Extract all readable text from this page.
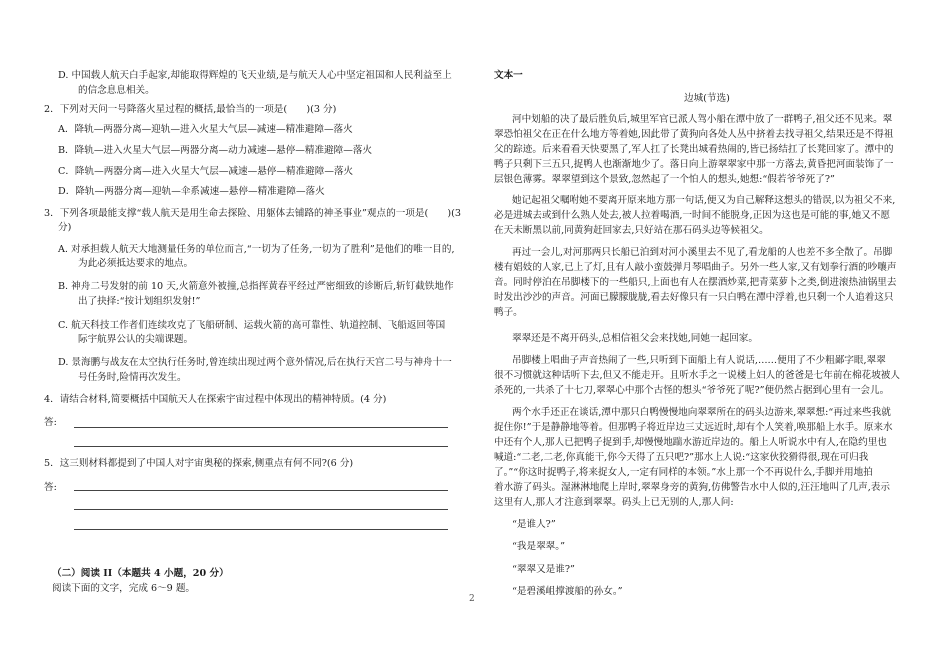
D. 中国载人航天白手起家,却能取得辉煌的飞天业绩,是与航天人心中坚定祖国和人民利益至上
的信念息息相关。
2．下列对天问一号降落火星过程的概括,最恰当的一项是(　　)(3 分)
A．降轨—两器分离—迎轨—进入火星大气层—减速—精准避障—落火
B．降轨—进入火星大气层—两器分离—动力减速—悬停—精准避障—落火
C．降轨—两器分离—进入火星大气层—减速—悬停—精准避障—落火
D．降轨—两器分离—迎轨—伞系减速—悬停—精准避障—落火
3．下列各项最能支撑“载人航天是用生命去探险、用躯体去铺路的神圣事业”观点的一项是(　　)(3
分)
A. 对承担载人航天大地测量任务的单位而言,“一切为了任务,一切为了胜利”是他们的唯一目的,
为此必须抵达要求的地点。
B. 神舟二号发射的前 10 天,火箭意外被撞,总指挥黄春平经过严密细致的诊断后,斩钉截铁地作
出了抉择:“按计划组织发射!”
C. 航天科技工作者们连续攻克了飞船研制、运载火箭的高可靠性、轨道控制、飞船返回等国
际宇航界公认的尖端课题。
D. 景海鹏与战友在太空执行任务时,曾连续出现过两个意外情况,后在执行天宫二号与神舟十一
号任务时,险情再次发生。
4．请结合材料,简要概括中国航天人在探索宇宙过程中体现出的精神特质。(4 分)
答:
5．这三则材料都提到了中国人对宇宙奥秘的探索,侧重点有何不同?(6 分)
答:
（二）阅读 II（本题共 4 小题，20 分）
阅读下面的文字，完成 6～9 题。
文本一
边城(节选)
河中划船的决了最后胜负后,城里军官已派人驾小船在潭中放了一群鸭子,祖父还不见来。翠
翠恐怕祖父在正在什么地方等着她,因此带了黄狗向各处人丛中挤着去找寻祖父,结果还是不得祖
父的踪迹。后来看看天快要黑了,军人扛了长凳出城看热闹的,皆已扬结扛了长凳回家了。潭中的
鸭子只剩下三五只,捉鸭人也渐渐地少了。落日向上游翠翠家中那一方落去,黄昏把河面装饰了一
层银色薄雾。翠翠望到这个景致,忽然起了一个怕人的想头,她想:“假若爷爷死了?”
她记起祖父嘱咐她不要离开原来地方那一句话,便又为自己解释这想头的错误,以为祖父不来,
必是进城去或到什么熟人处去,被人拉着喝酒,一时间不能脱身,正因为这也是可能的事,她又不愿
在天未断黑以前,同黄狗赶回家去,只好站在那石码头边等候祖父。
再过一会儿,对河那两只长船已泊到对河小溪里去不见了,看龙船的人也差不多全散了。吊脚
楼有娼妓的人家,已上了灯,且有人敲小蛮鼓弹月琴唱曲子。另外一些人家,又有划拳行酒的吵嚷声
音。同时停泊在吊脚楼下的一些船只,上面也有人在摆酒炒菜,把青菜萝卜之类,倒进滚热油锅里去
时发出沙沙的声音。河面已朦朦胧胧,看去好像只有一只白鸭在潭中浮着,也只剩一个人追着这只
鸭子。
翠翠还是不离开码头,总相信祖父会来找她,同她一起回家。
吊脚楼上唱曲子声音热闹了一些,只听到下面船上有人说话,……便用了不少粗鄙字眼,翠翠
很不习惯就这种话听下去,但又不能走开。且听水手之一说楼上妇人的爸爸是七年前在棉花坡被人
杀死的,一共杀了十七刀,翠翠心中那个古怪的想头“爷爷死了呢?”便仍然占据到心里有一会儿。
两个水手还正在谈话,潭中那只白鸭慢慢地向翠翠所在的码头边游来,翠翠想:“再过来些我就
捉住你!”于是静静地等着。但那鸭子将近岸边三丈远近时,却有个人笑着,唤那船上水手。原来水
中还有个人,那人已把鸭子捉到手,却慢慢地踹水游近岸边的。船上人听说水中有人,在隐约里也
喊道:“二老,二老,你真能干,你今天得了五只吧?”那水上人说:“这家伙狡猾得很,现在可归我
了。”“你这时捉鸭子,将来捉女人,一定有同样的本领。”水上那一个不再说什么,手脚并用地拍
着水游了码头。湿淋淋地爬上岸时,翠翠身旁的黄狗,仿佛警告水中人似的,汪汪地叫了几声,表示
这里有人,那人才注意到翠翠。码头上已无别的人,那人问:
“是谁人?”
“我是翠翠。”
“翠翠又是谁?”
“是碧溪岨撑渡船的孙女。”
2
